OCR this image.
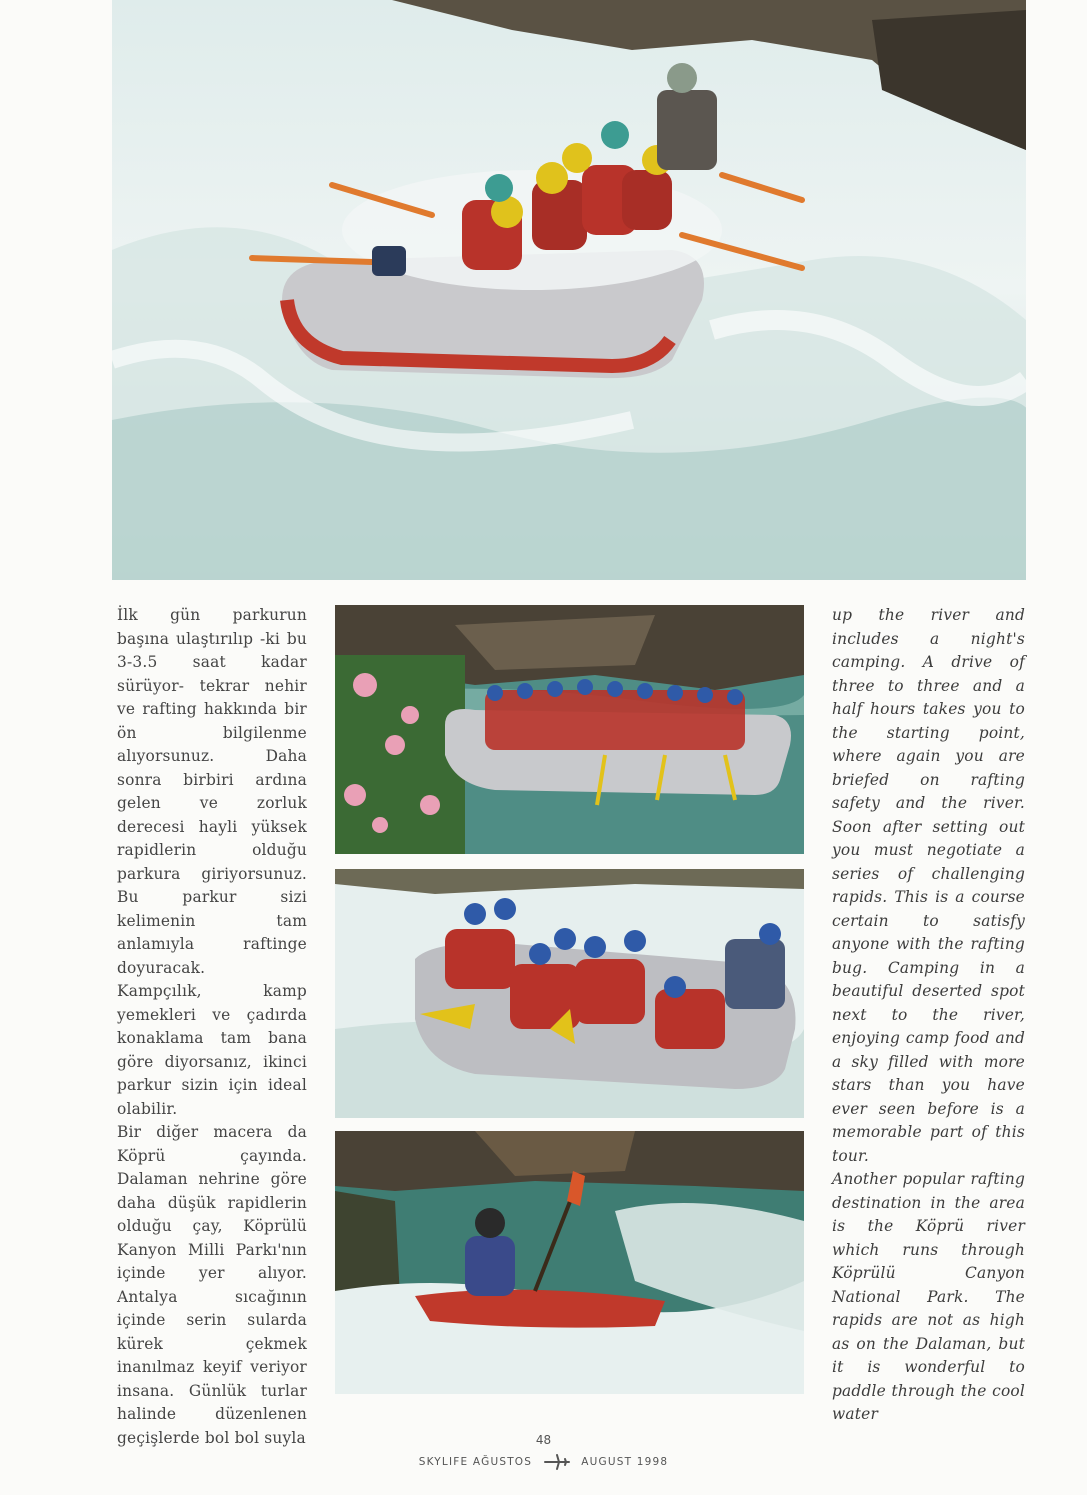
İlk gün parkurun başına ulaştırılıp -ki bu 3-3.5 saat kadar sürüyor- tekrar nehir ve rafting hakkında bir ön bilgilenme alıyorsunuz. Daha sonra birbiri ardına gelen ve zorluk derecesi hayli yüksek rapidlerin olduğu parkura giriyorsunuz. Bu parkur sizi kelimenin tam anlamıyla raftinge doyuracak.

Kampçılık, kamp yemekleri ve çadırda konaklama tam bana göre diyorsanız, ikinci parkur sizin için ideal olabilir.

Bir diğer macera da Köprü çayında. Dalaman nehrine göre daha düşük rapidlerin olduğu çay, Köprülü Kanyon Milli Parkı'nın içinde yer alıyor. Antalya sıcağının içinde serin sularda kürek çekmek inanılmaz keyif veriyor insana. Günlük turlar halinde düzenlenen geçişlerde bol bol suyla

up the river and includes a night's camping. A drive of three to three and a half hours takes you to the starting point, where again you are briefed on rafting safety and the river. Soon after setting out you must negotiate a series of challenging rapids. This is a course certain to satisfy anyone with the rafting bug. Camping in a beautiful deserted spot next to the river, enjoying camp food and a sky filled with more stars than you have ever seen before is a memorable part of this tour.

Another popular rafting destination in the area is the Köprü river which runs through Köprülü Canyon National Park. The rapids are not as high as on the Dalaman, but it is wonderful to paddle through the cool water

48
SKYLIFE AĞUSTOS	AUGUST 1998
